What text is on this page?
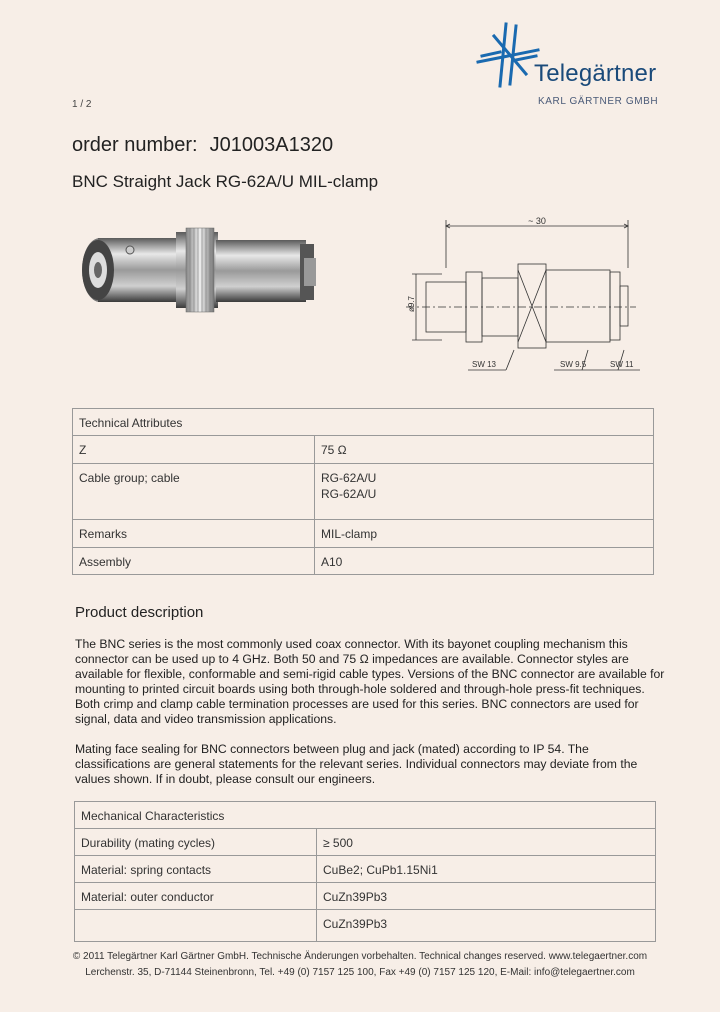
Telegärtner
KARL GÄRTNER GMBH
1 / 2
order number: J01003A1320
BNC Straight Jack RG-62A/U MIL-clamp
~ 30
ø9.7
SW 13	SW 9.5	SW 11
Technical Attributes	
Z	75 Ω
Cable group; cable	RG-62A/U
RG-62A/U

Remarks	MIL-clamp
Assembly	A10
Product description
The BNC series is the most commonly used coax connector. With its bayonet coupling mechanism this connector can be used up to 4 GHz. Both 50 and 75 Ω impedances are available. Connector styles are available for flexible, conformable and semi-rigid cable types. Versions of the BNC connector are available for mounting to printed circuit boards using both through-hole soldered and through-hole press-fit techniques. Both crimp and clamp cable termination processes are used for this series. BNC connectors are used for signal, data and video transmission applications.
Mating face sealing for BNC connectors between plug and jack (mated) according to IP 54. The classifications are general statements for the relevant series. Individual connectors may deviate from the values shown. If in doubt, please consult our engineers.
Mechanical Characteristics	
Durability (mating cycles)	≥ 500
Material: spring contacts	CuBe2; CuPb1.15Ni1
Material: outer conductor	CuZn39Pb3
	CuZn39Pb3
© 2011 Telegärtner Karl Gärtner GmbH. Technische Änderungen vorbehalten. Technical changes reserved. www.telegaertner.com
Lerchenstr. 35, D-71144 Steinenbronn, Tel. +49 (0) 7157 125 100, Fax +49 (0) 7157 125 120, E-Mail: info@telegaertner.com
